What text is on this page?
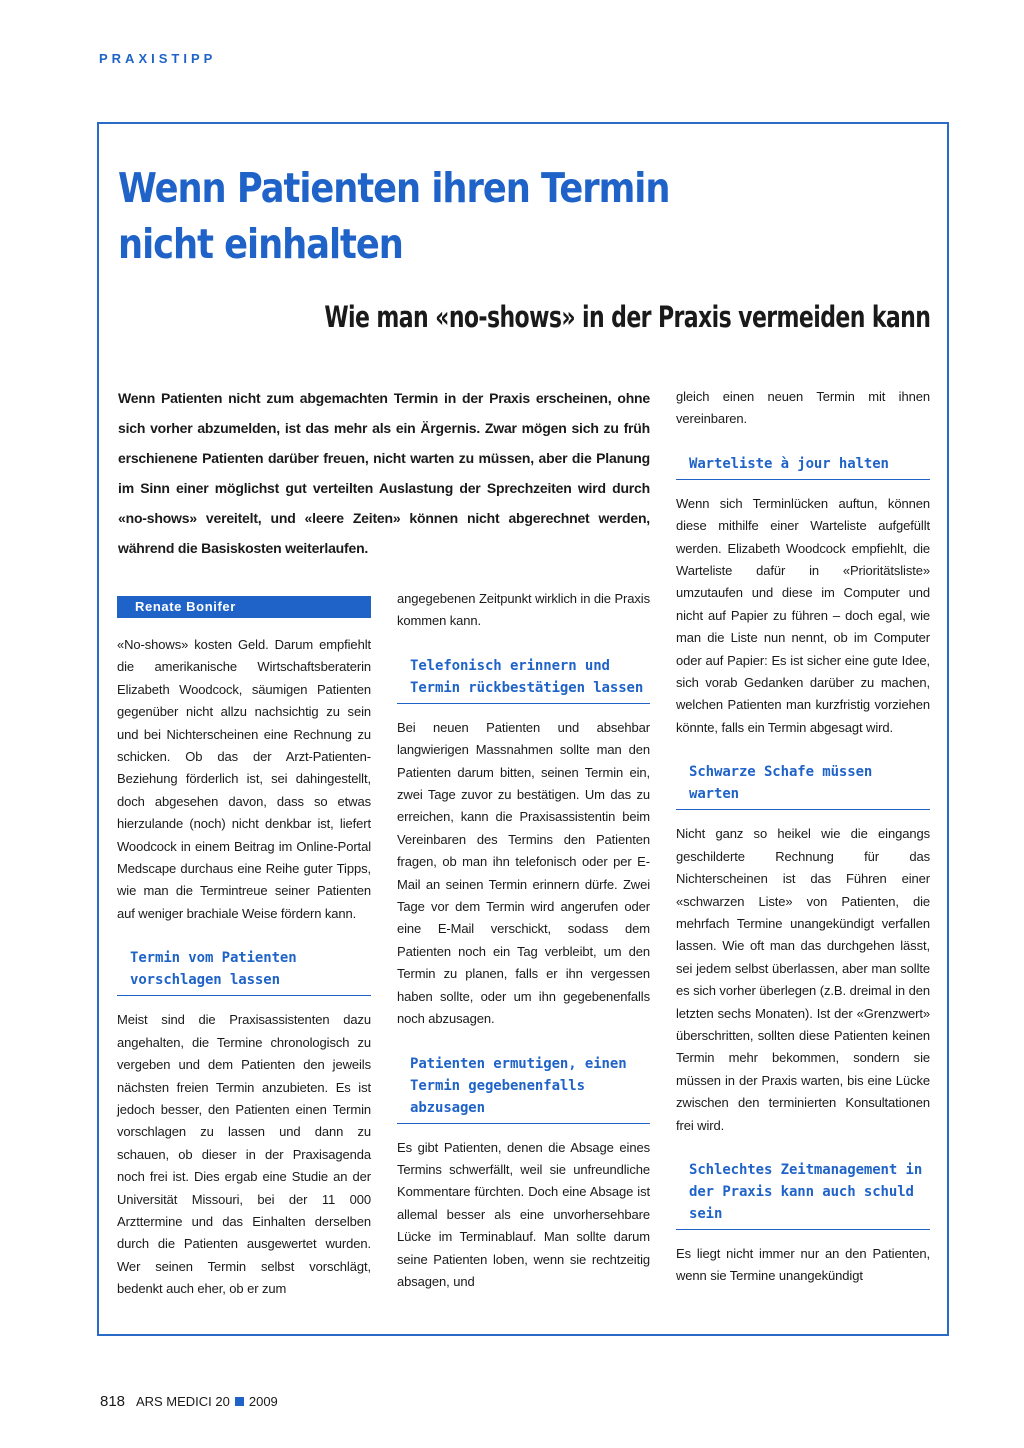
PRAXISTIPP
Wenn Patienten ihren Termin nicht einhalten
Wie man «no-shows» in der Praxis vermeiden kann

Wenn Patienten nicht zum abgemachten Termin in der Praxis erscheinen, ohne sich vorher abzumelden, ist das mehr als ein Ärgernis. Zwar mögen sich zu früh erschienene Patienten darüber freuen, nicht warten zu müssen, aber die Planung im Sinn einer möglichst gut verteilten Auslastung der Sprechzeiten wird durch «no-shows» vereitelt, und «leere Zeiten» können nicht abgerechnet werden, während die Basiskosten weiterlaufen.

Renate Bonifer

«No-shows» kosten Geld. Darum empfiehlt die amerikanische Wirtschaftsberaterin Elizabeth Woodcock, säumigen Patienten gegenüber nicht allzu nachsichtig zu sein und bei Nichterscheinen eine Rechnung zu schicken. Ob das der Arzt-Patienten-Beziehung förderlich ist, sei dahingestellt, doch abgesehen davon, dass so etwas hierzulande (noch) nicht denkbar ist, liefert Woodcock in einem Beitrag im Online-Portal Medscape durchaus eine Reihe guter Tipps, wie man die Termintreue seiner Patienten auf weniger brachiale Weise fördern kann.

Termin vom Patienten vorschlagen lassen

Meist sind die Praxisassistenten dazu angehalten, die Termine chronologisch zu vergeben und dem Patienten den jeweils nächsten freien Termin anzubieten. Es ist jedoch besser, den Patienten einen Termin vorschlagen zu lassen und dann zu schauen, ob dieser in der Praxisagenda noch frei ist. Dies ergab eine Studie an der Universität Missouri, bei der 11 000 Arzttermine und das Einhalten derselben durch die Patienten ausgewertet wurden. Wer seinen Termin selbst vorschlägt, bedenkt auch eher, ob er zum

angegebenen Zeitpunkt wirklich in die Praxis kommen kann.

Telefonisch erinnern und Termin rückbestätigen lassen

Bei neuen Patienten und absehbar langwierigen Massnahmen sollte man den Patienten darum bitten, seinen Termin ein, zwei Tage zuvor zu bestätigen. Um das zu erreichen, kann die Praxisassistentin beim Vereinbaren des Termins den Patienten fragen, ob man ihn telefonisch oder per E-Mail an seinen Termin erinnern dürfe. Zwei Tage vor dem Termin wird angerufen oder eine E-Mail verschickt, sodass dem Patienten noch ein Tag verbleibt, um den Termin zu planen, falls er ihn vergessen haben sollte, oder um ihn gegebenenfalls noch abzusagen.

Patienten ermutigen, einen Termin gegebenenfalls abzusagen

Es gibt Patienten, denen die Absage eines Termins schwerfällt, weil sie unfreundliche Kommentare fürchten. Doch eine Absage ist allemal besser als eine unvorhersehbare Lücke im Terminablauf. Man sollte darum seine Patienten loben, wenn sie rechtzeitig absagen, und

gleich einen neuen Termin mit ihnen vereinbaren.

Warteliste à jour halten

Wenn sich Terminlücken auftun, können diese mithilfe einer Warteliste aufgefüllt werden. Elizabeth Woodcock empfiehlt, die Warteliste dafür in «Prioritätsliste» umzutaufen und diese im Computer und nicht auf Papier zu führen – doch egal, wie man die Liste nun nennt, ob im Computer oder auf Papier: Es ist sicher eine gute Idee, sich vorab Gedanken darüber zu machen, welchen Patienten man kurzfristig vorziehen könnte, falls ein Termin abgesagt wird.

Schwarze Schafe müssen warten

Nicht ganz so heikel wie die eingangs geschilderte Rechnung für das Nichterscheinen ist das Führen einer «schwarzen Liste» von Patienten, die mehrfach Termine unangekündigt verfallen lassen. Wie oft man das durchgehen lässt, sei jedem selbst überlassen, aber man sollte es sich vorher überlegen (z.B. dreimal in den letzten sechs Monaten). Ist der «Grenzwert» überschritten, sollten diese Patienten keinen Termin mehr bekommen, sondern sie müssen in der Praxis warten, bis eine Lücke zwischen den terminierten Konsultationen frei wird.

Schlechtes Zeitmanagement in der Praxis kann auch schuld sein

Es liegt nicht immer nur an den Patienten, wenn sie Termine unangekündigt

818 ARS MEDICI 20 2009
